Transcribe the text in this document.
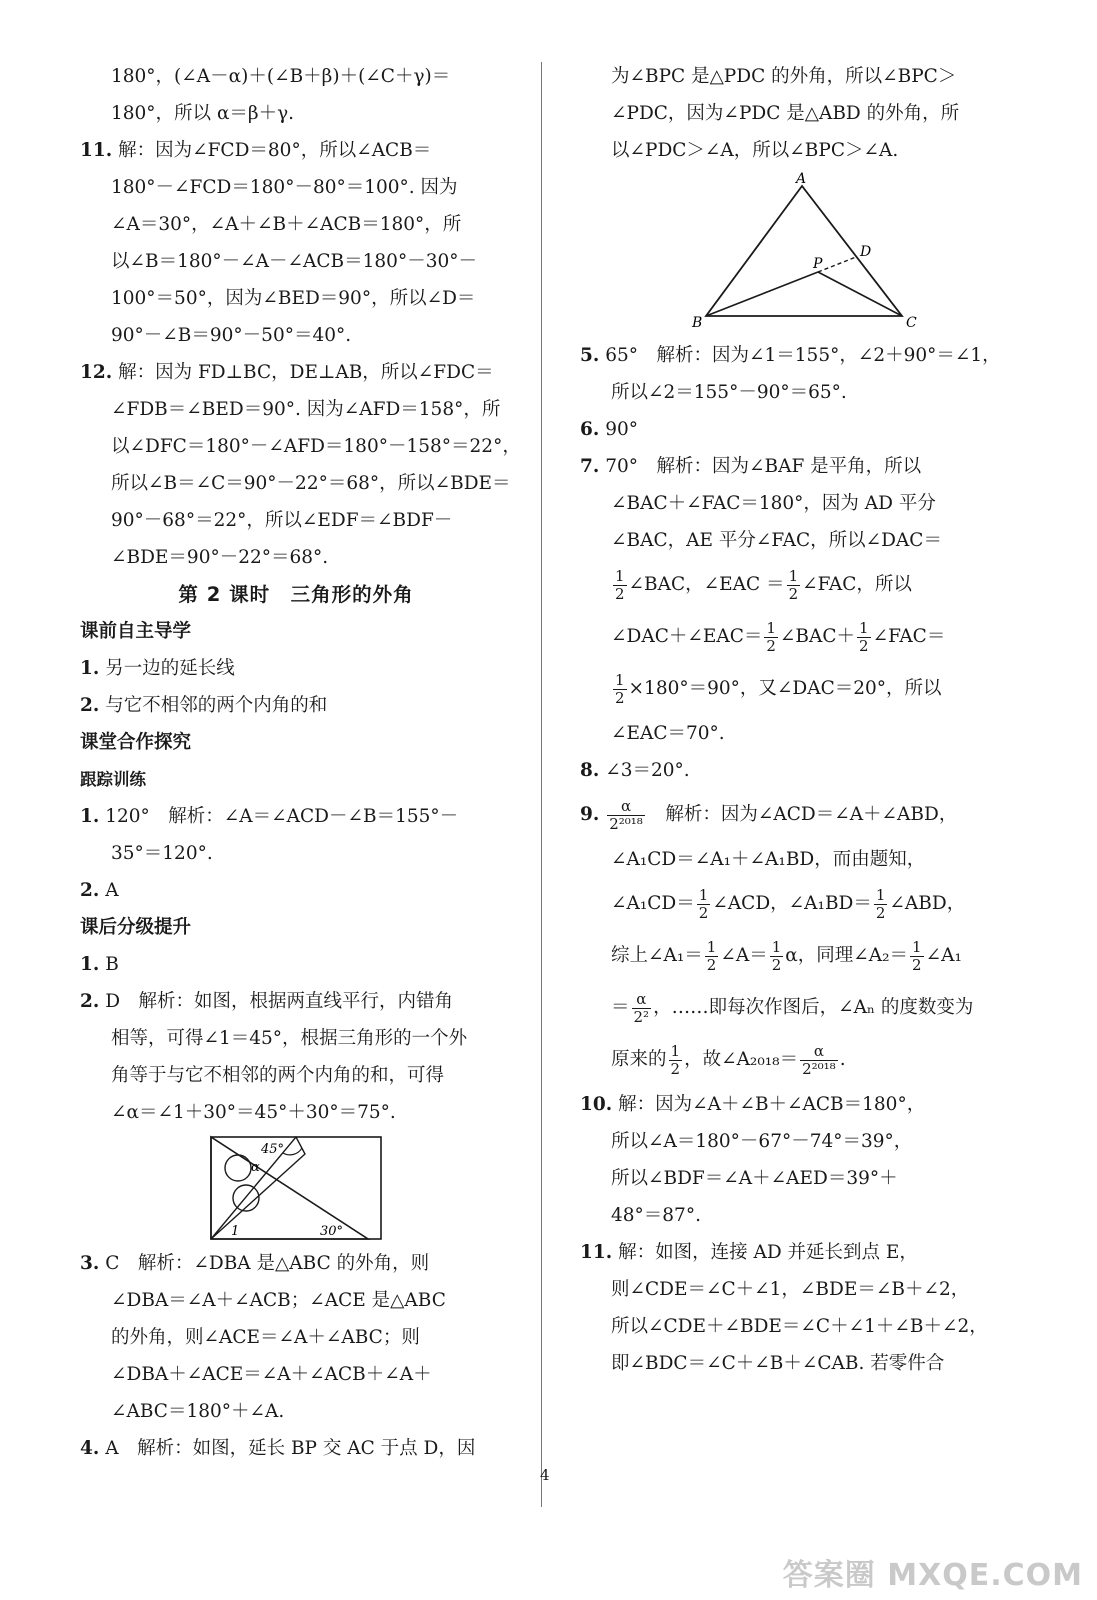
180°，(∠A－α)＋(∠B＋β)＋(∠C＋γ)＝
180°，所以 α＝β＋γ.
11. 解：因为∠FCD＝80°，所以∠ACB＝
180°－∠FCD＝180°－80°＝100°. 因为
∠A＝30°，∠A＋∠B＋∠ACB＝180°，所
以∠B＝180°－∠A－∠ACB＝180°－30°－
100°＝50°，因为∠BED＝90°，所以∠D＝
90°－∠B＝90°－50°＝40°.
12. 解：因为 FD⊥BC，DE⊥AB，所以∠FDC＝
∠FDB＝∠BED＝90°. 因为∠AFD＝158°，所
以∠DFC＝180°－∠AFD＝180°－158°＝22°，
所以∠B＝∠C＝90°－22°＝68°，所以∠BDE＝
90°－68°＝22°，所以∠EDF＝∠BDF－
∠BDE＝90°－22°＝68°.
第 2 课时　三角形的外角
课前自主导学
1. 另一边的延长线
2. 与它不相邻的两个内角的和
课堂合作探究
跟踪训练
1. 120°　解析：∠A＝∠ACD－∠B＝155°－
35°＝120°.
2. A
课后分级提升
1. B
2. D　解析：如图，根据两直线平行，内错角
相等，可得∠1＝45°，根据三角形的一个外
角等于与它不相邻的两个内角的和，可得
∠α＝∠1＋30°＝45°＋30°＝75°.
45°
α
1	30°
3. C　解析：∠DBA 是△ABC 的外角，则
∠DBA＝∠A＋∠ACB；∠ACE 是△ABC
的外角，则∠ACE＝∠A＋∠ABC；则
∠DBA＋∠ACE＝∠A＋∠ACB＋∠A＋
∠ABC＝180°＋∠A.
4. A　解析：如图，延长 BP 交 AC 于点 D，因
为∠BPC 是△PDC 的外角，所以∠BPC＞
∠PDC，因为∠PDC 是△ABD 的外角，所
以∠PDC＞∠A，所以∠BPC＞∠A.
A
B	C
D
P
5. 65°　解析：因为∠1＝155°，∠2＋90°＝∠1，
所以∠2＝155°－90°＝65°.
6. 90°
7. 70°　解析：因为∠BAF 是平角，所以
∠BAC＋∠FAC＝180°，因为 AD 平分
∠BAC，AE 平分∠FAC，所以∠DAC＝
$\frac{1}{2}$ ∠BAC，∠EAC ＝ $\frac{1}{2}$ ∠FAC，所以
∠DAC＋∠EAC＝ $\frac{1}{2}$ ∠BAC＋ $\frac{1}{2}$ ∠FAC＝
$\frac{1}{2} \times 180^\circ=90^\circ$，又∠DAC＝20°，所以
∠EAC＝70°.
8. ∠3＝20°.
9. $\frac{\alpha}{\text{2²⁰¹⁸}}$
　 解析：因为∠ACD＝∠A＋∠ABD，
∠A₁CD＝∠A₁＋∠A₁BD，而由题知，
∠A₁CD＝ $\frac{1}{2}$ ∠ACD，∠A₁BD＝ $\frac{1}{2}$ ∠ABD，
综上∠A₁＝ $\frac{1}{2}$ ∠A＝ $\frac{1}{2}$ α，同理∠A₂＝ $\frac{1}{2}$ ∠A₁
＝ $\frac{\alpha}{\text{2²}}$ ，……即每次作图后，∠Aₙ 的度数变为
原来的 $\frac{1}{2}$ ，故∠A₂₀₁₈＝ $\frac{\alpha}{\text{2²⁰¹⁸}}$ .
10. 解：因为∠A＋∠B＋∠ACB＝180°，
所以∠A＝180°－67°－74°＝39°，
所以∠BDF＝∠A＋∠AED＝39°＋
48°＝87°.
11. 解：如图，连接 AD 并延长到点 E，
则∠CDE＝∠C＋∠1，∠BDE＝∠B＋∠2，
所以∠CDE＋∠BDE＝∠C＋∠1＋∠B＋∠2，
即∠BDC＝∠C＋∠B＋∠CAB. 若零件合
4
答案圈 MXQE.COM
